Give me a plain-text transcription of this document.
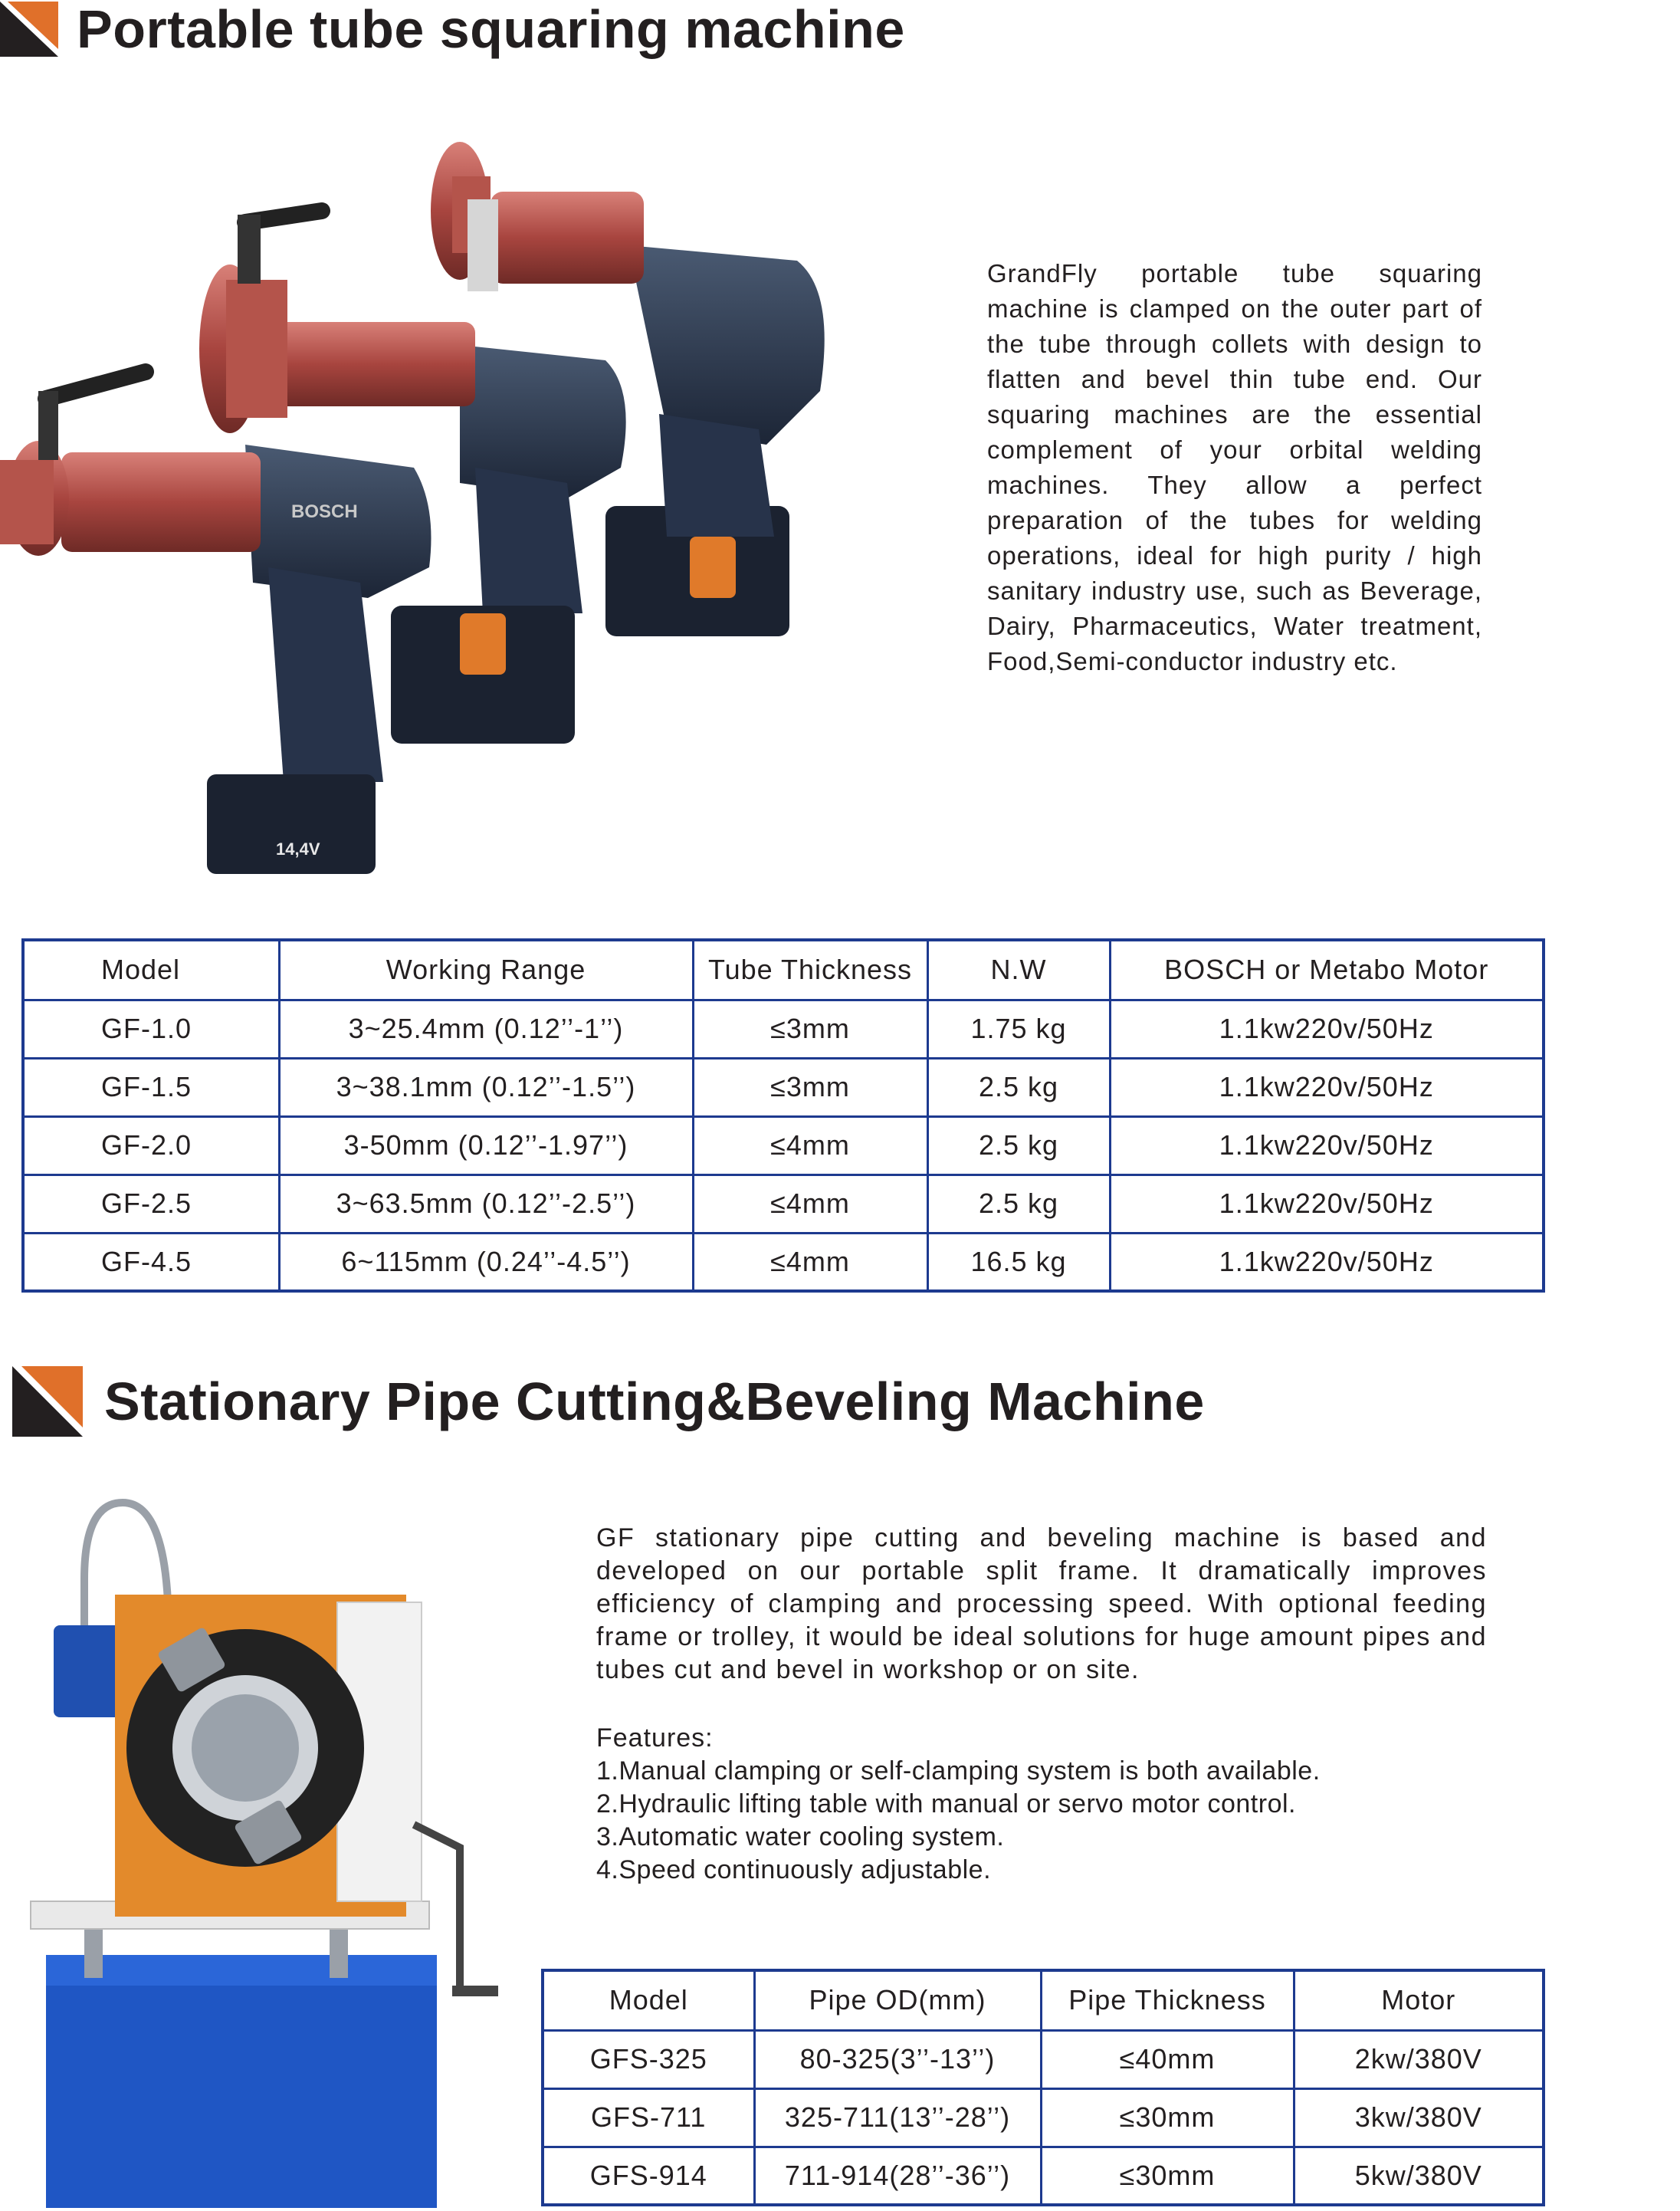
Portable tube squaring machine
14,4V
BOSCH
GrandFly portable tube squaring machine is clamped on the outer part of the tube through collets with design to flatten and bevel thin tube end. Our squaring machines are the essential complement of your orbital welding machines. They allow a perfect preparation of the tubes for welding operations, ideal for high purity / high sanitary industry use, such as Beverage, Dairy, Pharmaceutics, Water treatment, Food,Semi-conductor industry etc.
Model	Working Range	Tube Thickness	N.W	BOSCH or Metabo Motor
GF-1.0	3~25.4mm (0.12’’-1’’)	≤3mm	1.75 kg	1.1kw220v/50Hz
GF-1.5	3~38.1mm (0.12’’-1.5’’)	≤3mm	2.5 kg	1.1kw220v/50Hz
GF-2.0	3-50mm (0.12’’-1.97’’)	≤4mm	2.5 kg	1.1kw220v/50Hz
GF-2.5	3~63.5mm (0.12’’-2.5’’)	≤4mm	2.5 kg	1.1kw220v/50Hz
GF-4.5	6~115mm (0.24’’-4.5’’)	≤4mm	16.5 kg	1.1kw220v/50Hz
Stationary Pipe Cutting&Beveling Machine
GF stationary pipe cutting and beveling machine is based and developed on our portable split frame. It dramatically improves efficiency of clamping and processing speed. With optional feeding frame or trolley, it would be ideal solutions for huge amount pipes and tubes cut and bevel in workshop or on site.
Features:
1.Manual clamping or self-clamping system is both available.
2.Hydraulic lifting table with manual or servo motor control.
3.Automatic water cooling system.
4.Speed continuously adjustable.
Model	Pipe OD(mm)	Pipe Thickness	Motor
GFS-325	80-325(3’’-13’’)	≤40mm	2kw/380V
GFS-711	325-711(13’’-28’’)	≤30mm	3kw/380V
GFS-914	711-914(28’’-36’’)	≤30mm	5kw/380V
